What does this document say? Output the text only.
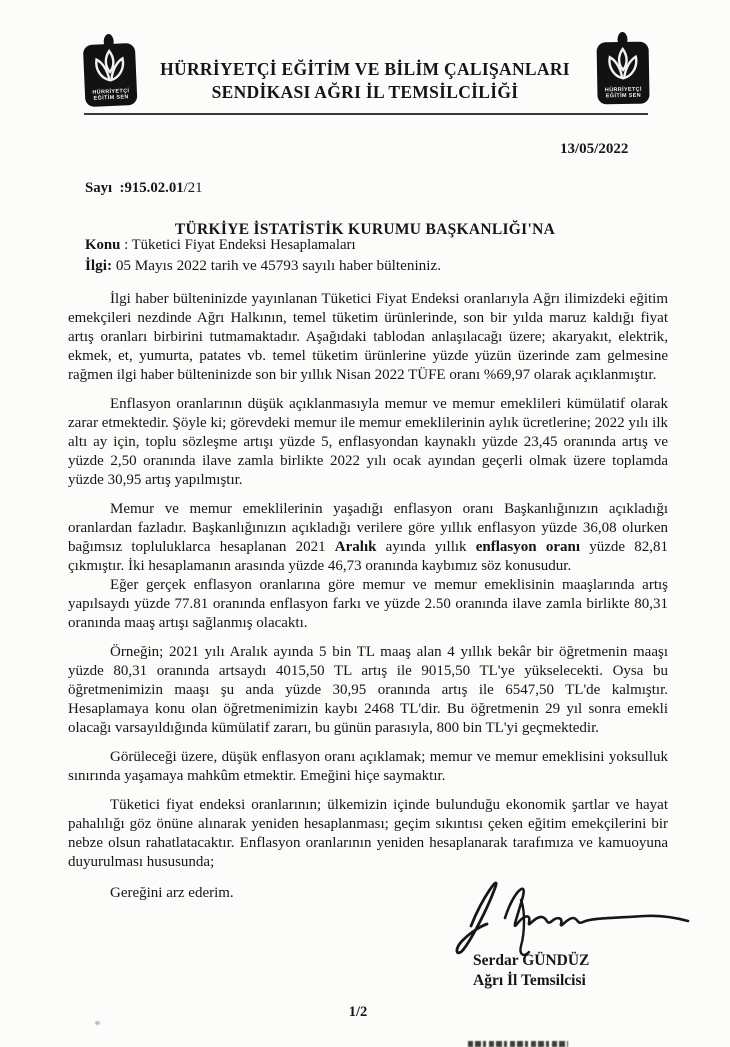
HÜRRİYETÇİ
EĞİTİM SEN
HÜRRİYETÇİ
EĞİTİM SEN
HÜRRİYETÇİ EĞİTİM VE BİLİM ÇALIŞANLARI
SENDİKASI AĞRI İL TEMSİLCİLİĞİ

Sayı  :915.02.01/21

Konu : Tüketici Fiyat Endeksi Hesaplamaları

13/05/2022
TÜRKİYE İSTATİSTİK KURUMU BAŞKANLIĞI'NA
İlgi: 05 Mayıs 2022 tarih ve 45793 sayılı haber bülteniniz.

İlgi haber bülteninizde yayınlanan Tüketici Fiyat Endeksi oranlarıyla Ağrı ilimizdeki eğitim emekçileri nezdinde Ağrı Halkının, temel tüketim ürünlerinde, son bir yılda maruz kaldığı fiyat artış oranları birbirini tutmamaktadır. Aşağıdaki tablodan anlaşılacağı üzere; akaryakıt, elektrik, ekmek, et, yumurta, patates vb. temel tüketim ürünlerine yüzde yüzün üzerinde zam gelmesine rağmen ilgi haber bülteninizde son bir yıllık Nisan 2022 TÜFE oranı %69,97 olarak açıklanmıştır.

Enflasyon oranlarının düşük açıklanmasıyla memur ve memur emeklileri kümülatif olarak zarar etmektedir. Şöyle ki; görevdeki memur ile memur emeklilerinin aylık ücretlerine; 2022 yılı ilk altı ay için, toplu sözleşme artışı yüzde 5, enflasyondan kaynaklı yüzde 23,45 oranında artış ve yüzde 2,50 oranında ilave zamla birlikte 2022 yılı ocak ayından geçerli olmak üzere toplamda yüzde 30,95 artış yapılmıştır.

Memur ve memur emeklilerinin yaşadığı enflasyon oranı Başkanlığınızın açıkladığı oranlardan fazladır. Başkanlığınızın açıkladığı verilere göre yıllık enflasyon yüzde 36,08 olurken bağımsız topluluklarca hesaplanan 2021 Aralık ayında yıllık enflasyon oranı yüzde 82,81 çıkmıştır. İki hesaplamanın arasında yüzde 46,73 oranında kaybımız söz konusudur.

Eğer gerçek enflasyon oranlarına göre memur ve memur emeklisinin maaşlarında artış yapılsaydı yüzde 77.81 oranında enflasyon farkı ve yüzde 2.50 oranında ilave zamla birlikte 80,31 oranında maaş artışı sağlanmış olacaktı.

Örneğin; 2021 yılı Aralık ayında 5 bin TL maaş alan 4 yıllık bekâr bir öğretmenin maaşı yüzde 80,31 oranında artsaydı 4015,50 TL artış ile 9015,50 TL'ye yükselecekti. Oysa bu öğretmenimizin maaşı şu anda yüzde 30,95 oranında artış ile 6547,50 TL'de kalmıştır. Hesaplamaya konu olan öğretmenimizin kaybı 2468 TL'dir. Bu öğretmenin 29 yıl sonra emekli olacağı varsayıldığında kümülatif zararı, bu günün parasıyla, 800 bin TL'yi geçmektedir.

Görüleceği üzere, düşük enflasyon oranı açıklamak; memur ve memur emeklisini yoksulluk sınırında yaşamaya mahkûm etmektir. Emeğini hiçe saymaktır.

Tüketici fiyat endeksi oranlarının; ülkemizin içinde bulunduğu ekonomik şartlar ve hayat pahalılığı göz önüne alınarak yeniden hesaplanması; geçim sıkıntısı çeken eğitim emekçilerini bir nebze olsun rahatlatacaktır. Enflasyon oranlarının yeniden hesaplanarak tarafımıza ve kamuoyuna duyurulması hususunda;

Gereğini arz ederim.

Serdar GÜNDÜZ
Ağrı İl Temsilcisi
1/2
